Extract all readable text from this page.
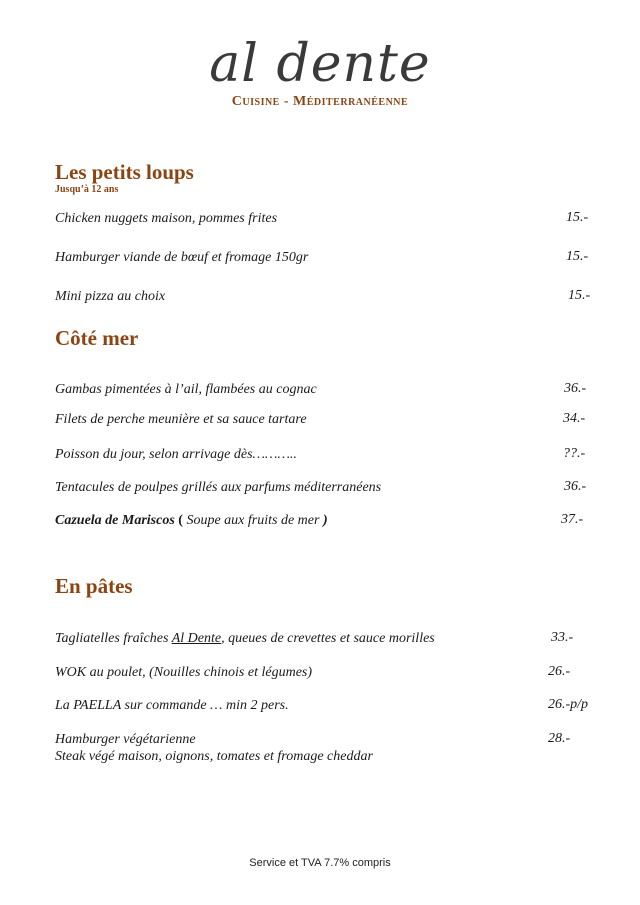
al dente
Cuisine - Méditerranéenne
Les petits loups
Jusqu’à 12 ans
Chicken nuggets maison, pommes frites	15.-
Hamburger viande de bœuf et fromage 150gr	15.-
Mini pizza au choix	15.-
Côté mer
Gambas pimentées à l’ail, flambées au cognac	36.-
Filets de perche meunière et sa sauce tartare	34.-
Poisson du jour, selon arrivage dès………..	??.-
Tentacules de poulpes grillés aux parfums méditerranéens	36.-
Cazuela de Mariscos ( Soupe aux fruits de mer )	37.-
En pâtes
Tagliatelles fraîches Al Dente, queues de crevettes et sauce morilles	33.-
WOK au poulet, (Nouilles chinois et légumes)	26.-
La PAELLA sur commande … min 2 pers.	26.-p/p
Hamburger végétarienne
Steak végé maison, oignons, tomates et fromage cheddar
28.-
Service et TVA 7.7% compris
